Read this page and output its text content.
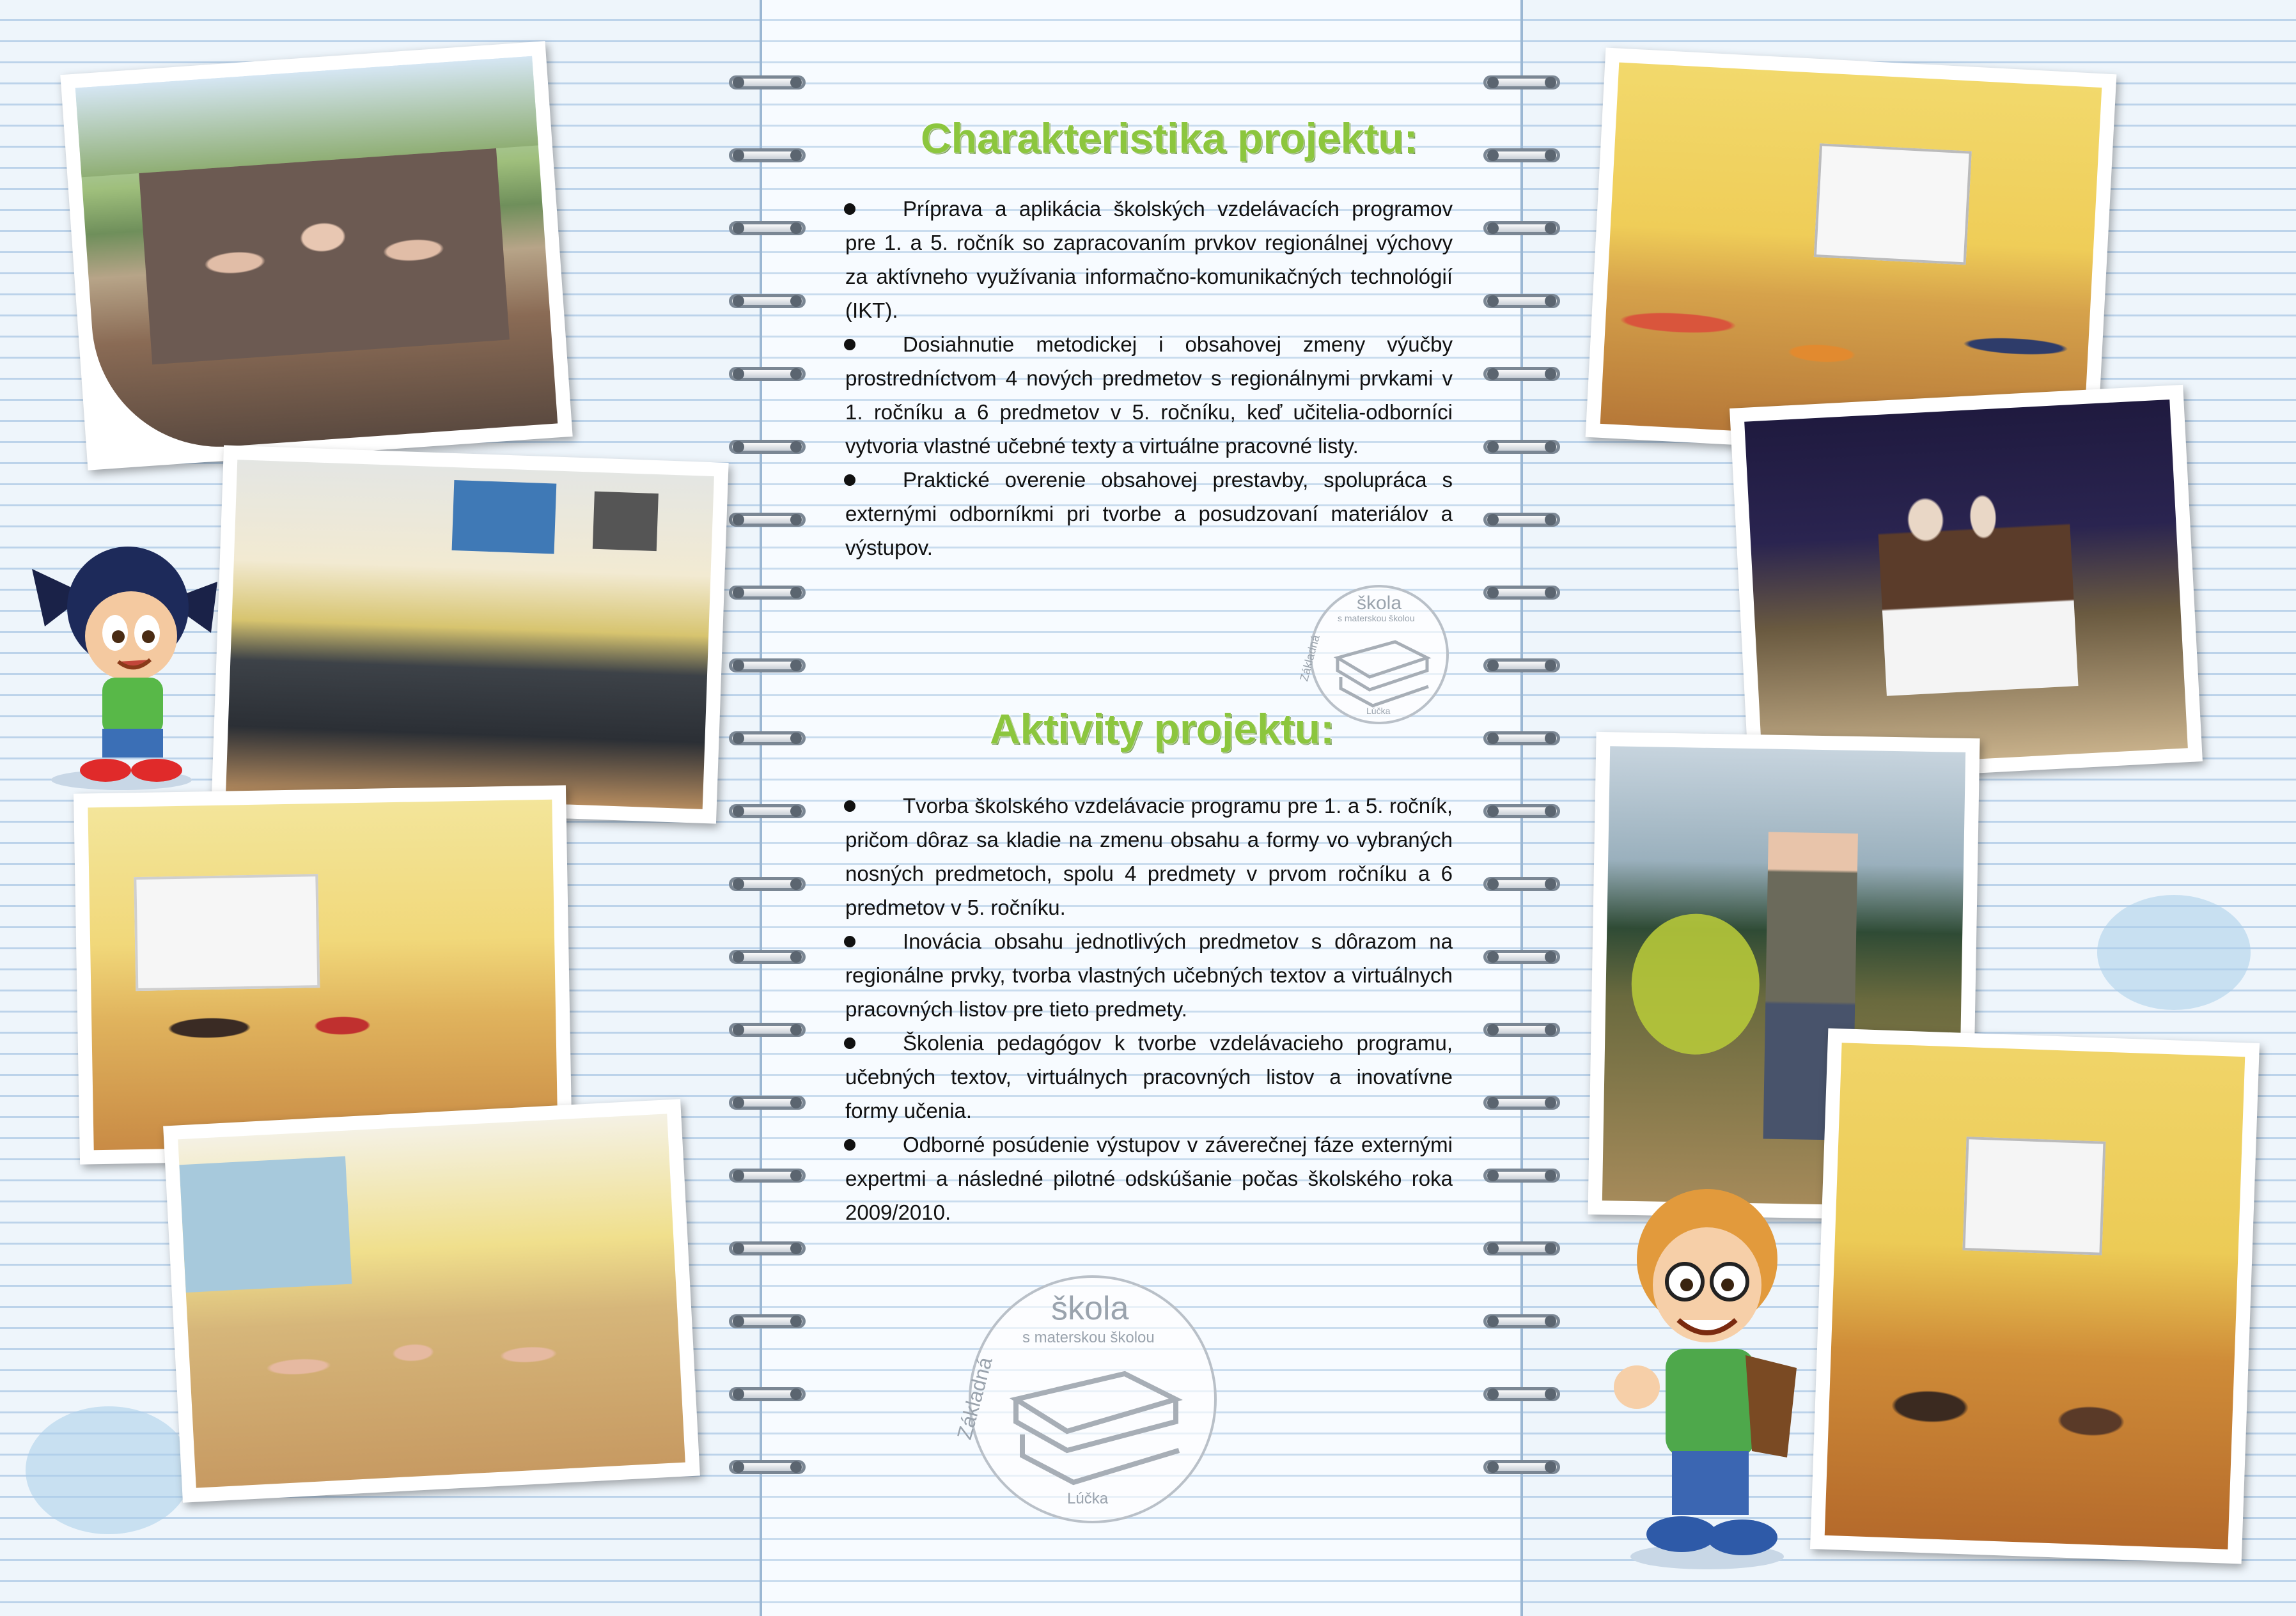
Charakteristika projektu:
Príprava a aplikácia školských vzdelávacích programov pre 1. a 5. ročník so zapracovaním prvkov regionálnej výchovy za aktívneho využívania informačno-komunikačných technológií (IKT).
Dosiahnutie metodickej i obsahovej zmeny výučby prostredníctvom 4 nových predmetov s regionálnymi prvkami v 1. ročníku a 6 predmetov v 5. ročníku, keď učitelia-odborníci vytvoria vlastné učebné texty a virtuálne pracovné listy.
Praktické overenie obsahovej prestavby, spolupráca s externými odborníkmi pri tvorbe a posudzovaní materiálov a výstupov.
Aktivity projektu:
Tvorba školského vzdelávacie programu pre 1. a 5. ročník, pričom dôraz sa kladie na zmenu obsahu a formy vo vybraných nosných predmetoch, spolu 4 predmety v prvom ročníku a 6 predmetov v 5. ročníku.
Inovácia obsahu jednotlivých predmetov s dôrazom na regionálne prvky, tvorba vlastných učebných textov a virtuálnych pracovných listov pre tieto predmety.
Školenia pedagógov k tvorbe vzdelávacieho programu, učebných textov, virtuálnych pracovných listov a inovatívne formy učenia.
Odborné posúdenie výstupov v záverečnej fáze externými expertmi a následné pilotné odskúšanie počas školského roka 2009/2010.
škola
s materskou školou
Základná
Lúčka
škola
s materskou školou
Základná
Lúčka
